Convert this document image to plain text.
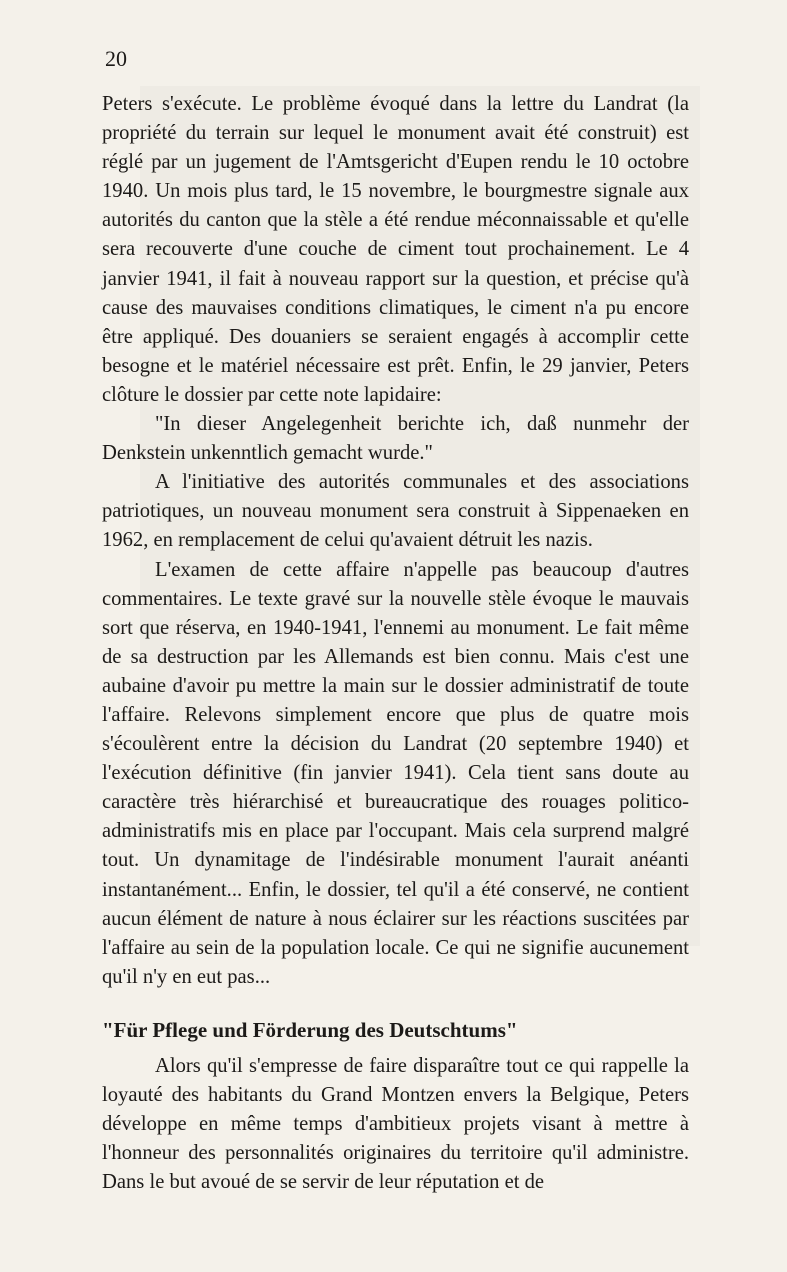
20

Peters s'exécute. Le problème évoqué dans la lettre du Landrat (la propriété du terrain sur lequel le monument avait été construit) est réglé par un jugement de l'Amtsgericht d'Eupen rendu le 10 octobre 1940. Un mois plus tard, le 15 novembre, le bourgmestre signale aux autorités du canton que la stèle a été rendue méconnaissable et qu'elle sera recouverte d'une couche de ciment tout prochainement. Le 4 janvier 1941, il fait à nouveau rapport sur la question, et précise qu'à cause des mauvaises conditions climatiques, le ciment n'a pu encore être appliqué. Des douaniers se seraient engagés à accomplir cette besogne et le matériel nécessaire est prêt. Enfin, le 29 janvier, Peters clôture le dossier par cette note lapidaire:

"In dieser Angelegenheit berichte ich, daß nunmehr der Denkstein unkenntlich gemacht wurde."

A l'initiative des autorités communales et des associations patriotiques, un nouveau monument sera construit à Sippenaeken en 1962, en remplacement de celui qu'avaient détruit les nazis.

L'examen de cette affaire n'appelle pas beaucoup d'autres commentaires. Le texte gravé sur la nouvelle stèle évoque le mauvais sort que réserva, en 1940-1941, l'ennemi au monument. Le fait même de sa destruction par les Allemands est bien connu. Mais c'est une aubaine d'avoir pu mettre la main sur le dossier administratif de toute l'affaire. Relevons simplement encore que plus de quatre mois s'écoulèrent entre la décision du Landrat (20 septembre 1940) et l'exécution définitive (fin janvier 1941). Cela tient sans doute au caractère très hiérarchisé et bureaucratique des rouages politico-administratifs mis en place par l'occupant. Mais cela surprend malgré tout. Un dynamitage de l'indésirable monument l'aurait anéanti instantanément... Enfin, le dossier, tel qu'il a été conservé, ne contient aucun élément de nature à nous éclairer sur les réactions suscitées par l'affaire au sein de la population locale. Ce qui ne signifie aucunement qu'il n'y en eut pas...

"Für Pflege und Förderung des Deutschtums"

Alors qu'il s'empresse de faire disparaître tout ce qui rappelle la loyauté des habitants du Grand Montzen envers la Belgique, Peters développe en même temps d'ambitieux projets visant à mettre à l'honneur des personnalités originaires du territoire qu'il administre. Dans le but avoué de se servir de leur réputation et de
